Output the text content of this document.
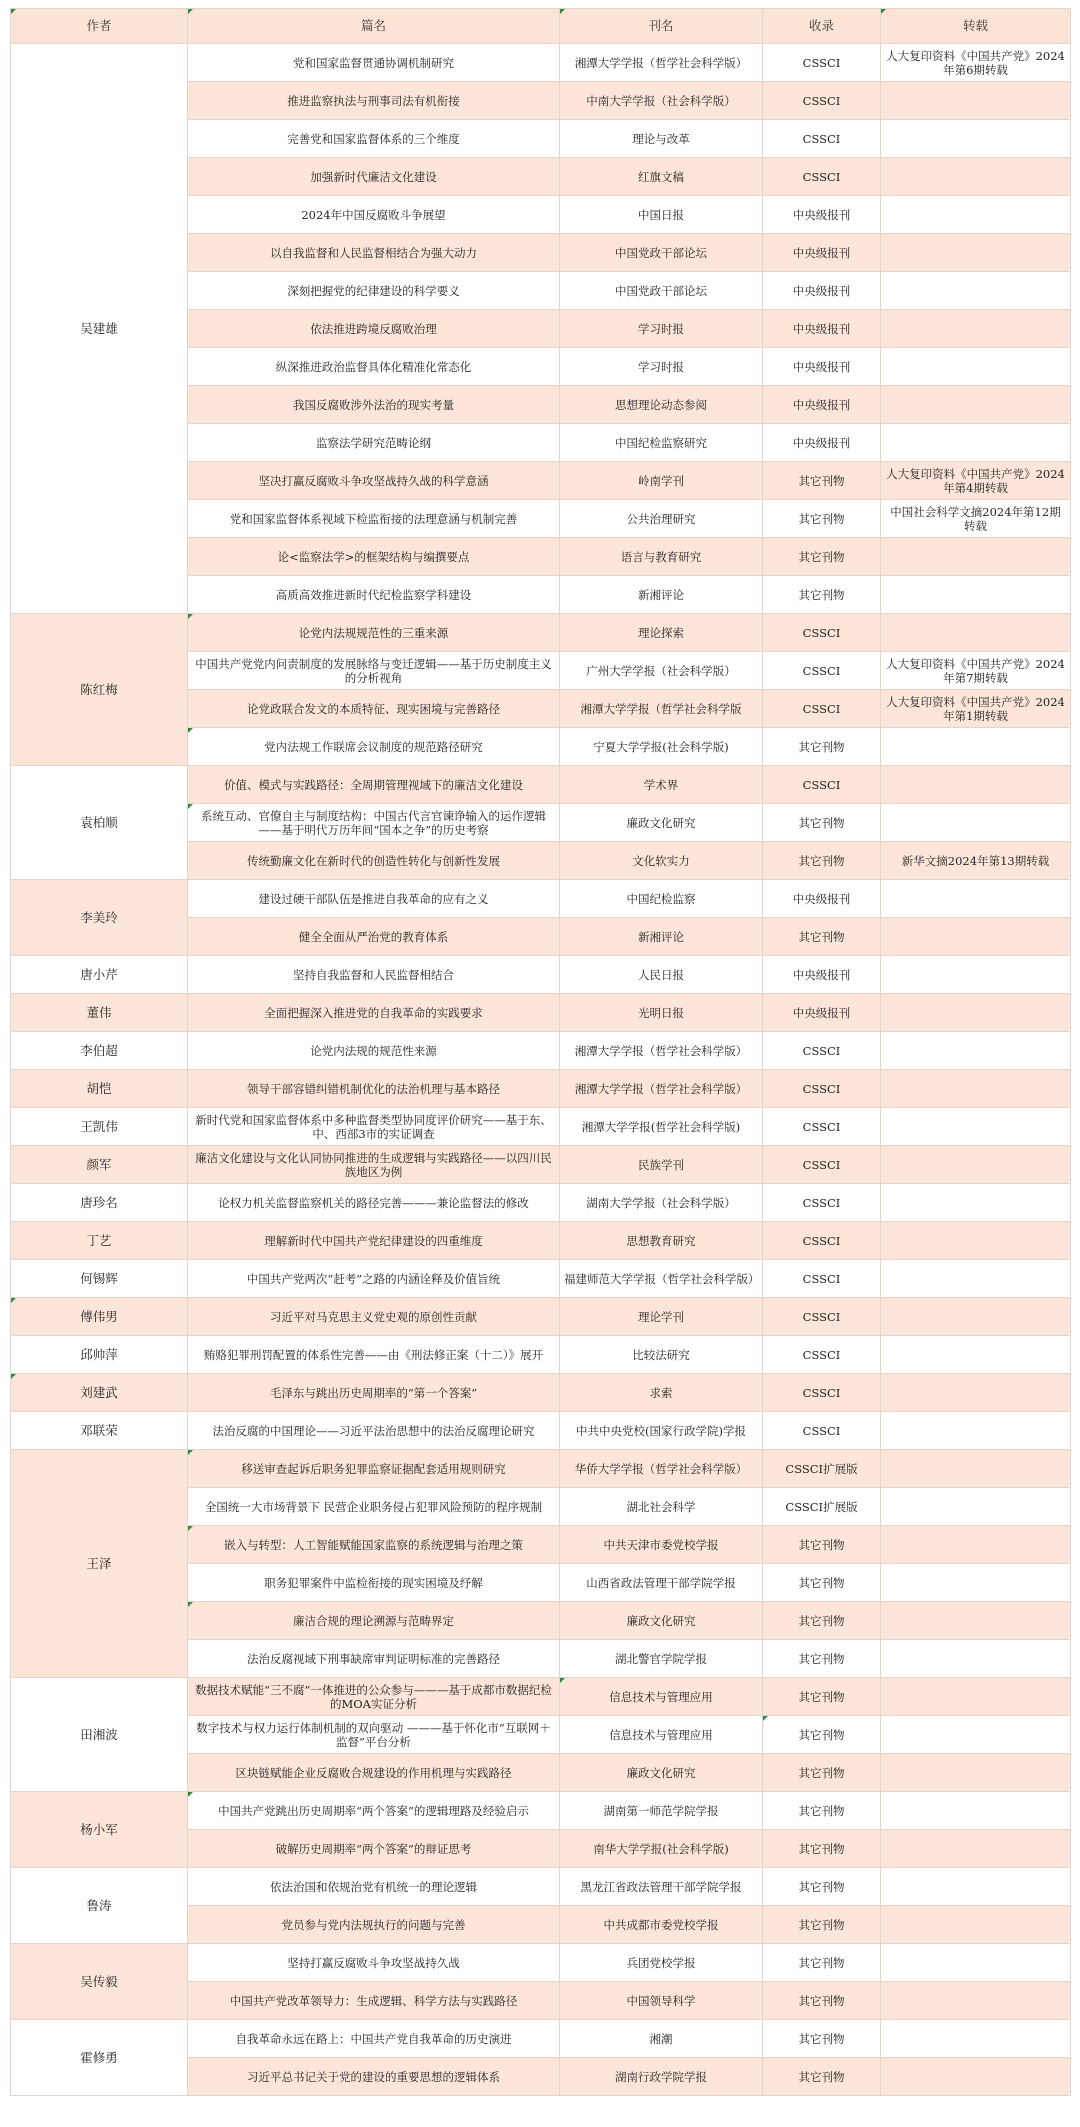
作者	篇名	刊名	收录	转载
吴建雄	党和国家监督贯通协调机制研究	湘潭大学学报（哲学社会科学版）	CSSCI	人大复印资料《中国共产党》2024年第6期转载
	推进监察执法与刑事司法有机衔接	中南大学学报（社会科学版）	CSSCI	
	完善党和国家监督体系的三个维度	理论与改革	CSSCI	
	加强新时代廉洁文化建设	红旗文稿	CSSCI	
	2024年中国反腐败斗争展望	中国日报	中央级报刊	
	以自我监督和人民监督相结合为强大动力	中国党政干部论坛	中央级报刊	
	深刻把握党的纪律建设的科学要义	中国党政干部论坛	中央级报刊	
	依法推进跨境反腐败治理	学习时报	中央级报刊	
	纵深推进政治监督具体化精准化常态化	学习时报	中央级报刊	
	我国反腐败涉外法治的现实考量	思想理论动态参阅	中央级报刊	
	监察法学研究范畴论纲	中国纪检监察研究	中央级报刊	
	坚决打赢反腐败斗争攻坚战持久战的科学意涵	岭南学刊	其它刊物	人大复印资料《中国共产党》2024年第4期转载
	党和国家监督体系视域下检监衔接的法理意涵与机制完善	公共治理研究	其它刊物	中国社会科学文摘2024年第12期转载
	论<监察法学>的框架结构与编撰要点	语言与教育研究	其它刊物	
	高质高效推进新时代纪检监察学科建设	新湘评论	其它刊物	
陈红梅	论党内法规规范性的三重来源	理论探索	CSSCI	
	中国共产党党内问责制度的发展脉络与变迁逻辑——基于历史制度主义的分析视角	广州大学学报（社会科学版）	CSSCI	人大复印资料《中国共产党》2024年第7期转载
	论党政联合发文的本质特征、现实困境与完善路径	湘潭大学学报（哲学社会科学版	CSSCI	人大复印资料《中国共产党》2024年第1期转载
	党内法规工作联席会议制度的规范路径研究	宁夏大学学报(社会科学版)	其它刊物	
袁柏顺	价值、模式与实践路径：全周期管理视域下的廉洁文化建设	学术界	CSSCI	
	系统互动、官僚自主与制度结构：中国古代言官谏诤输入的运作逻辑——基于明代万历年间“国本之争”的历史考察	廉政文化研究	其它刊物	
	传统勤廉文化在新时代的创造性转化与创新性发展	文化软实力	其它刊物	新华文摘2024年第13期转载
李美玲	建设过硬干部队伍是推进自我革命的应有之义	中国纪检监察	中央级报刊	
	健全全面从严治党的教育体系	新湘评论	其它刊物	
唐小芹	坚持自我监督和人民监督相结合	人民日报	中央级报刊	
董伟	全面把握深入推进党的自我革命的实践要求	光明日报	中央级报刊	
李伯超	论党内法规的规范性来源	湘潭大学学报（哲学社会科学版）	CSSCI	
胡恺	领导干部容错纠错机制优化的法治机理与基本路径	湘潭大学学报（哲学社会科学版）	CSSCI	
王凯伟	新时代党和国家监督体系中多种监督类型协同度评价研究——基于东、中、西部3市的实证调查	湘潭大学学报(哲学社会科学版)	CSSCI	
颜军	廉洁文化建设与文化认同协同推进的生成逻辑与实践路径——以四川民族地区为例	民族学刊	CSSCI	
唐珍名	论权力机关监督监察机关的路径完善———兼论监督法的修改	湖南大学学报（社会科学版）	CSSCI	
丁艺	理解新时代中国共产党纪律建设的四重维度	思想教育研究	CSSCI	
何锡辉	中国共产党两次“赶考”之路的内涵诠释及价值旨统	福建师范大学学报（哲学社会科学版）	CSSCI	
傅伟男	习近平对马克思主义党史观的原创性贡献	理论学刊	CSSCI	
邱帅萍	贿赂犯罪刑罚配置的体系性完善——由《刑法修正案（十二）》展开	比较法研究	CSSCI	
刘建武	毛泽东与跳出历史周期率的“第一个答案”	求索	CSSCI	
邓联荣	法治反腐的中国理论——习近平法治思想中的法治反腐理论研究	中共中央党校(国家行政学院)学报	CSSCI	
王泽	移送审查起诉后职务犯罪监察证据配套适用规则研究	华侨大学学报（哲学社会科学版）	CSSCI扩展版	
	全国统一大市场背景下 民营企业职务侵占犯罪风险预防的程序规制	湖北社会科学	CSSCI扩展版	
	嵌入与转型：人工智能赋能国家监察的系统逻辑与治理之策	中共天津市委党校学报	其它刊物	
	职务犯罪案件中监检衔接的现实困境及纾解	山西省政法管理干部学院学报	其它刊物	
	廉洁合规的理论溯源与范畴界定	廉政文化研究	其它刊物	
	法治反腐视域下刑事缺席审判证明标准的完善路径	湖北警官学院学报	其它刊物	
田湘波	数据技术赋能“三不腐”一体推进的公众参与———基于成都市数据纪检的MOA实证分析	信息技术与管理应用	其它刊物	
	数字技术与权力运行体制机制的双向驱动 ———基于怀化市“互联网＋监督”平台分析	信息技术与管理应用	其它刊物	
	区块链赋能企业反腐败合规建设的作用机理与实践路径	廉政文化研究	其它刊物	
杨小军	中国共产党跳出历史周期率“两个答案”的逻辑理路及经验启示	湖南第一师范学院学报	其它刊物	
	破解历史周期率“两个答案”的辩证思考	南华大学学报(社会科学版)	其它刊物	
鲁涛	依法治国和依规治党有机统一的理论逻辑	黑龙江省政法管理干部学院学报	其它刊物	
	党员参与党内法规执行的问题与完善	中共成都市委党校学报	其它刊物	
吴传毅	坚持打赢反腐败斗争攻坚战持久战	兵团党校学报	其它刊物	
	中国共产党改革领导力：生成逻辑、科学方法与实践路径	中国领导科学	其它刊物	
霍修勇	自我革命永远在路上：中国共产党自我革命的历史演进	湘潮	其它刊物	
	习近平总书记关于党的建设的重要思想的逻辑体系	湖南行政学院学报	其它刊物	
